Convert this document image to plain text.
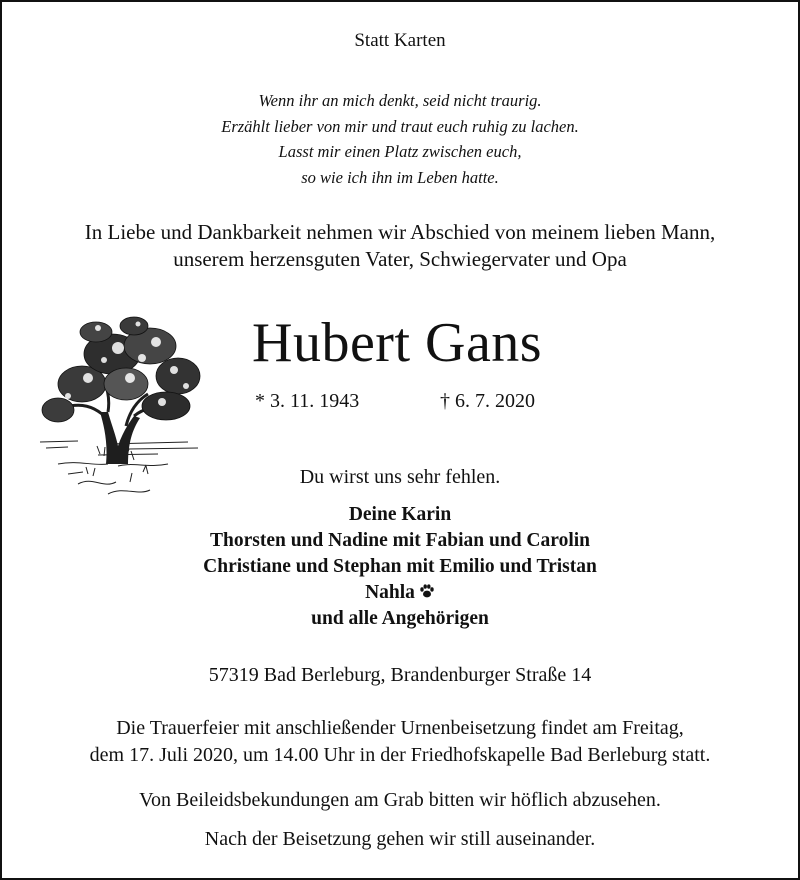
Statt Karten
Wenn ihr an mich denkt, seid nicht traurig.
Erzählt lieber von mir und traut euch ruhig zu lachen.
Lasst mir einen Platz zwischen euch,
so wie ich ihn im Leben hatte.
In Liebe und Dankbarkeit nehmen wir Abschied von meinem lieben Mann,
unserem herzensguten Vater, Schwiegervater und Opa
Hubert Gans
* 3. 11. 1943	† 6. 7. 2020
Du wirst uns sehr fehlen.
Deine Karin
Thorsten und Nadine mit Fabian und Carolin
Christiane und Stephan mit Emilio und Tristan
Nahla
und alle Angehörigen
57319 Bad Berleburg, Brandenburger Straße 14
Die Trauerfeier mit anschließender Urnenbeisetzung findet am Freitag,
dem 17. Juli 2020, um 14.00 Uhr in der Friedhofskapelle Bad Berleburg statt.
Von Beileidsbekundungen am Grab bitten wir höflich abzusehen.
Nach der Beisetzung gehen wir still auseinander.
